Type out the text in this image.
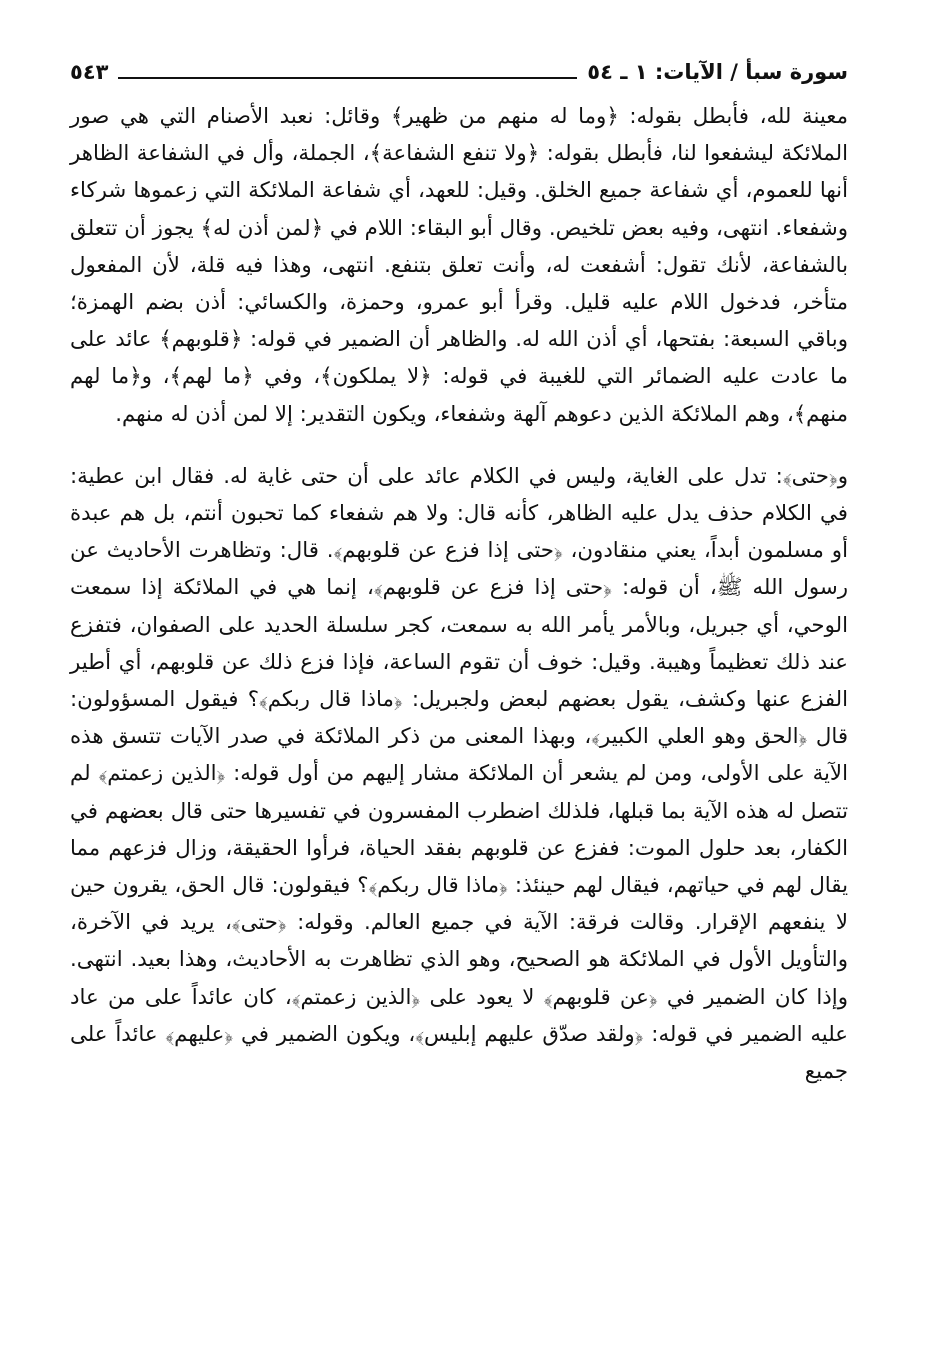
سورة سبأ / الآيات: ١ ـ ٥٤
٥٤٣

معينة لله، فأبطل بقوله: ﴿وما له منهم من ظهير﴾ وقائل: نعبد الأصنام التي هي صور الملائكة ليشفعوا لنا، فأبطل بقوله: ﴿ولا تنفع الشفاعة﴾، الجملة، وأل في الشفاعة الظاهر أنها للعموم، أي شفاعة جميع الخلق. وقيل: للعهد، أي شفاعة الملائكة التي زعموها شركاء وشفعاء. انتهى، وفيه بعض تلخيص. وقال أبو البقاء: اللام في ﴿لمن أذن له﴾ يجوز أن تتعلق بالشفاعة، لأنك تقول: أشفعت له، وأنت تعلق بتنفع. انتهى، وهذا فيه قلة، لأن المفعول متأخر، فدخول اللام عليه قليل. وقرأ أبو عمرو، وحمزة، والكسائي: أذن بضم الهمزة؛ وباقي السبعة: بفتحها، أي أذن الله له. والظاهر أن الضمير في قوله: ﴿قلوبهم﴾ عائد على ما عادت عليه الضمائر التي للغيبة في قوله: ﴿لا يملكون﴾، وفي ﴿ما لهم﴾، و﴿ما لهم منهم﴾، وهم الملائكة الذين دعوهم آلهة وشفعاء، ويكون التقدير: إلا لمن أذن له منهم.

و﴿حتى﴾: تدل على الغاية، وليس في الكلام عائد على أن حتى غاية له. فقال ابن عطية: في الكلام حذف يدل عليه الظاهر، كأنه قال: ولا هم شفعاء كما تحبون أنتم، بل هم عبدة أو مسلمون أبداً، يعني منقادون، ﴿حتى إذا فزع عن قلوبهم﴾. قال: وتظاهرت الأحاديث عن رسول الله ﷺ، أن قوله: ﴿حتى إذا فزع عن قلوبهم﴾، إنما هي في الملائكة إذا سمعت الوحي، أي جبريل، وبالأمر يأمر الله به سمعت، كجر سلسلة الحديد على الصفوان، فتفزع عند ذلك تعظيماً وهيبة. وقيل: خوف أن تقوم الساعة، فإذا فزع ذلك عن قلوبهم، أي أطير الفزع عنها وكشف، يقول بعضهم لبعض ولجبريل: ﴿ماذا قال ربكم﴾؟ فيقول المسؤولون: قال ﴿الحق وهو العلي الكبير﴾، وبهذا المعنى من ذكر الملائكة في صدر الآيات تتسق هذه الآية على الأولى، ومن لم يشعر أن الملائكة مشار إليهم من أول قوله: ﴿الذين زعمتم﴾ لم تتصل له هذه الآية بما قبلها، فلذلك اضطرب المفسرون في تفسيرها حتى قال بعضهم في الكفار، بعد حلول الموت: ففزع عن قلوبهم بفقد الحياة، فرأوا الحقيقة، وزال فزعهم مما يقال لهم في حياتهم، فيقال لهم حينئذ: ﴿ماذا قال ربكم﴾؟ فيقولون: قال الحق، يقرون حين لا ينفعهم الإقرار. وقالت فرقة: الآية في جميع العالم. وقوله: ﴿حتى﴾، يريد في الآخرة، والتأويل الأول في الملائكة هو الصحيح، وهو الذي تظاهرت به الأحاديث، وهذا بعيد. انتهى. وإذا كان الضمير في ﴿عن قلوبهم﴾ لا يعود على ﴿الذين زعمتم﴾، كان عائداً على من عاد عليه الضمير في قوله: ﴿ولقد صدّق عليهم إبليس﴾، ويكون الضمير في ﴿عليهم﴾ عائداً على جميع
